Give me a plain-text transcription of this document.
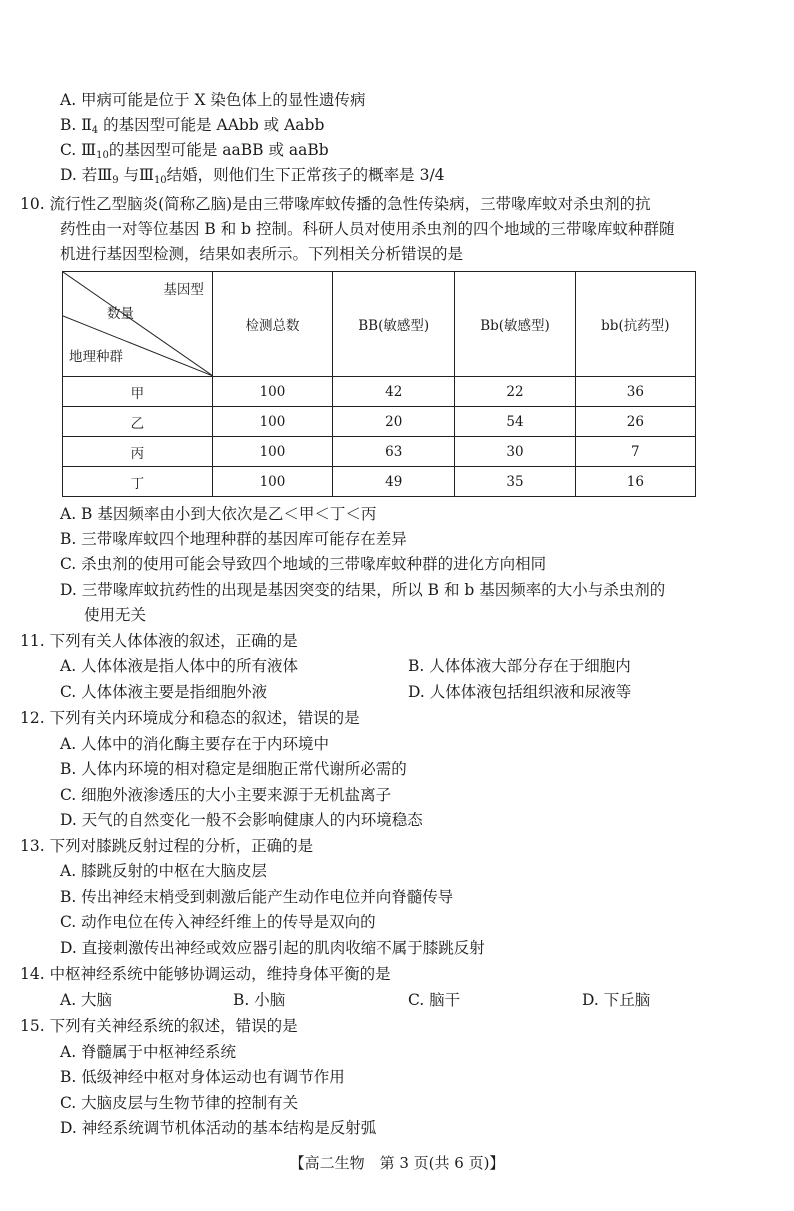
A. 甲病可能是位于 X 染色体上的显性遗传病
B. $Ⅱ_4$ 的基因型可能是 AAbb 或 Aabb
C. $Ⅲ_{10}$的基因型可能是 aaBB 或 aaBb
D. 若$Ⅲ_9$ 与$Ⅲ_{10}$结婚，则他们生下正常孩子的概率是 3/4
10. 流行性乙型脑炎(简称乙脑)是由三带喙库蚊传播的急性传染病，三带喙库蚊对杀虫剂的抗
药性由一对等位基因 B 和 b 控制。科研人员对使用杀虫剂的四个地域的三带喙库蚊种群随
机进行基因型检测，结果如表所示。下列相关分析错误的是
基因型
数量
地理种群	检测总数	BB(敏感型)	Bb(敏感型)	bb(抗药型)
甲	100	42	22	36
乙	100	20	54	26
丙	100	63	30	7
丁	100	49	35	16
A. B 基因频率由小到大依次是乙＜甲＜丁＜丙
B. 三带喙库蚊四个地理种群的基因库可能存在差异
C. 杀虫剂的使用可能会导致四个地域的三带喙库蚊种群的进化方向相同
D. 三带喙库蚊抗药性的出现是基因突变的结果，所以 B 和 b 基因频率的大小与杀虫剂的
使用无关
11. 下列有关人体体液的叙述，正确的是
A. 人体体液是指人体中的所有液体	B. 人体体液大部分存在于细胞内
C. 人体体液主要是指细胞外液	D. 人体体液包括组织液和尿液等
12. 下列有关内环境成分和稳态的叙述，错误的是
A. 人体中的消化酶主要存在于内环境中
B. 人体内环境的相对稳定是细胞正常代谢所必需的
C. 细胞外液渗透压的大小主要来源于无机盐离子
D. 天气的自然变化一般不会影响健康人的内环境稳态
13. 下列对膝跳反射过程的分析，正确的是
A. 膝跳反射的中枢在大脑皮层
B. 传出神经末梢受到刺激后能产生动作电位并向脊髓传导
C. 动作电位在传入神经纤维上的传导是双向的
D. 直接刺激传出神经或效应器引起的肌肉收缩不属于膝跳反射
14. 中枢神经系统中能够协调运动，维持身体平衡的是
A. 大脑	B. 小脑	C. 脑干	D. 下丘脑
15. 下列有关神经系统的叙述，错误的是
A. 脊髓属于中枢神经系统
B. 低级神经中枢对身体运动也有调节作用
C. 大脑皮层与生物节律的控制有关
D. 神经系统调节机体活动的基本结构是反射弧
【高二生物　第 3 页(共 6 页)】
